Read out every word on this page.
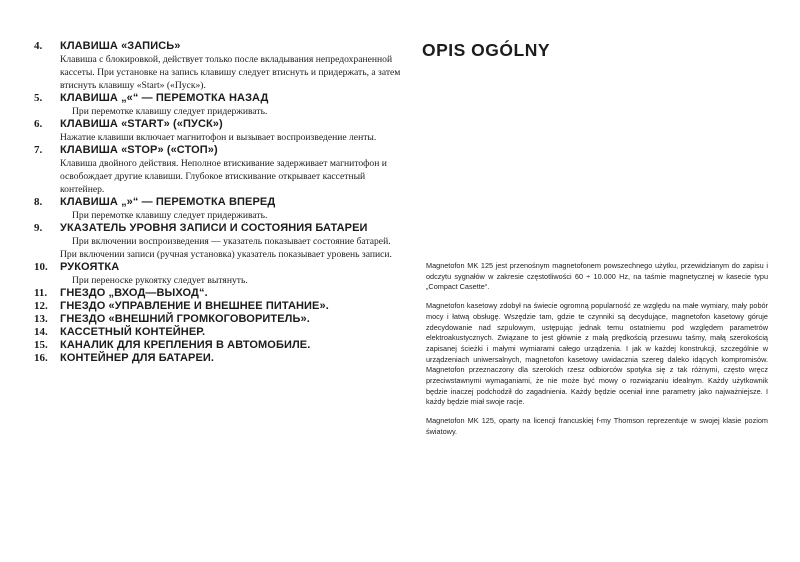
4.	КЛАВИША «ЗАПИСЬ»
Клавиша с блокировкой, действует только после вкладывания непредохраненной кассеты. При установке на запись клавишу следует втиснуть и придержать, а затем втиснуть клавишу «Start» («Пуск»).
5.	КЛАВИША „«“ — ПЕРЕМОТКА НАЗАД
При перемотке клавишу следует придерживать.
6.	КЛАВИША «START» («ПУСК»)
Нажатие клавиши включает магнитофон и вызывает воспроизведение ленты.
7.	КЛАВИША «STOP» («СТОП»)
Клавиша двойного действия. Неполное втискивание задерживает магнитофон и освобождает другие клавиши. Глубокое втискивание открывает кассетный контейнер.
8.	КЛАВИША „»“ — ПЕРЕМОТКА ВПЕРЕД
При перемотке клавишу следует придерживать.
9.	УКАЗАТЕЛЬ УРОВНЯ ЗАПИСИ И СОСТОЯНИЯ БАТАРЕИ
При включении воспроизведения — указатель показывает состояние батарей. При включении записи (ручная установка) указатель показывает уровень записи.
10.	РУКОЯТКА
При переноске рукоятку следует вытянуть.
11.	ГНЕЗДО „ВХОД—ВЫХОД“.
12.	ГНЕЗДО «УПРАВЛЕНИЕ И ВНЕШНЕЕ ПИТАНИЕ».
13.	ГНЕЗДО «ВНЕШНИЙ ГРОМКОГОВОРИТЕЛЬ».
14.	КАССЕТНЫЙ КОНТЕЙНЕР.
15.	КАНАЛИК ДЛЯ КРЕПЛЕНИЯ В АВТОМОБИЛЕ.
16.	КОНТЕЙНЕР ДЛЯ БАТАРЕИ.
OPIS OGÓLNY

Magnetofon MK 125 jest przenośnym magnetofonem powszechnego użytku, przewidzianym do zapisu i odczytu sygnałów w zakresie częstotliwości 60 ÷ 10.000 Hz, na taśmie magnetycznej w kasecie typu „Compact Casette“.

Magnetofon kasetowy zdobył na świecie ogromną popularność ze względu na małe wymiary, mały pobór mocy i łatwą obsługę. Wszędzie tam, gdzie te czynniki są decydujące, magnetofon kasetowy góruje zdecydowanie nad szpulowym, ustępując jednak temu ostatniemu pod względem parametrów elektroakustycznych. Związane to jest głównie z małą prędkością przesuwu taśmy, małą szerokością zapisanej ścieżki i małymi wymiarami całego urządzenia. I jak w każdej konstrukcji, szczególnie w urządzeniach uniwersalnych, magnetofon kasetowy uwidacznia szereg daleko idących kompromisów. Magnetofon przeznaczony dla szerokich rzesz odbiorców spotyka się z tak różnymi, często wręcz przeciwstawnymi wymaganiami, że nie może być mowy o rozwiązaniu idealnym. Każdy użytkownik będzie inaczej podchodził do zagadnienia. Każdy będzie oceniał inne parametry jako najważniejsze. I każdy będzie miał swoje racje.

Magnetofon MK 125, oparty na licencji francuskiej f-my Thomson reprezentuje w swojej klasie poziom światowy.
